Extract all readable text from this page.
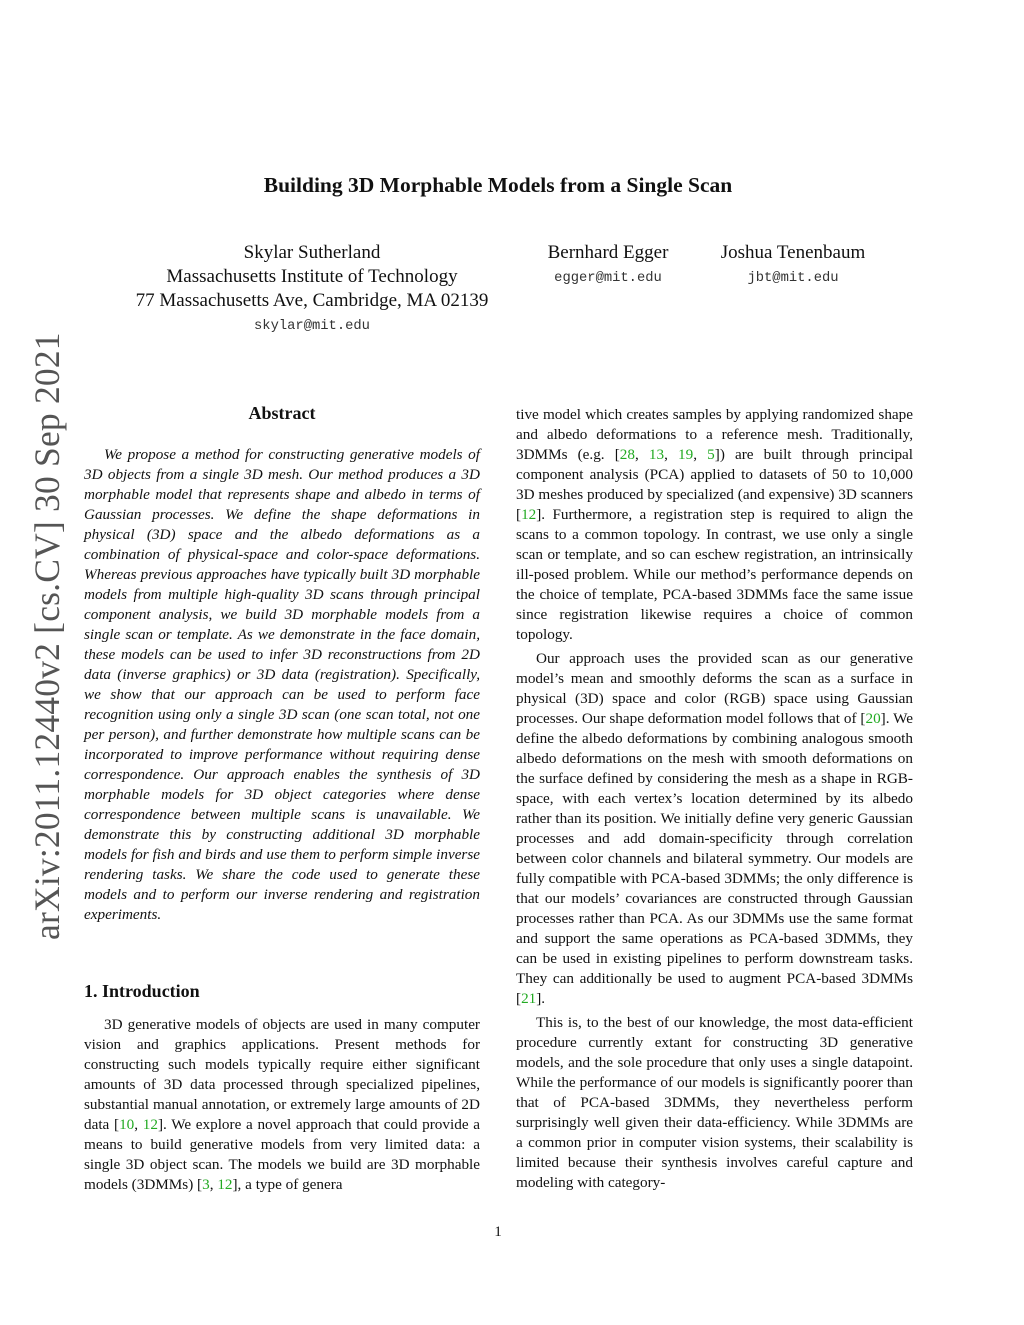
arXiv:2011.12440v2 [cs.CV] 30 Sep 2021
Building 3D Morphable Models from a Single Scan
Skylar Sutherland
Massachusetts Institute of Technology
77 Massachusetts Ave, Cambridge, MA 02139
skylar@mit.edu
Bernhard Egger
egger@mit.edu
Joshua Tenenbaum
jbt@mit.edu
Abstract

We propose a method for constructing generative models of 3D objects from a single 3D mesh. Our method produces a 3D morphable model that represents shape and albedo in terms of Gaussian processes. We define the shape deformations in physical (3D) space and the albedo deformations as a combination of physical-space and color-space deformations. Whereas previous approaches have typically built 3D morphable models from multiple high-quality 3D scans through principal component analysis, we build 3D morphable models from a single scan or template. As we demonstrate in the face domain, these models can be used to infer 3D reconstructions from 2D data (inverse graphics) or 3D data (registration). Specifically, we show that our approach can be used to perform face recognition using only a single 3D scan (one scan total, not one per person), and further demonstrate how multiple scans can be incorporated to improve performance without requiring dense correspondence. Our approach enables the synthesis of 3D morphable models for 3D object categories where dense correspondence between multiple scans is unavailable. We demonstrate this by constructing additional 3D morphable models for fish and birds and use them to perform simple inverse rendering tasks. We share the code used to generate these models and to perform our inverse rendering and registration experiments.

1. Introduction

3D generative models of objects are used in many computer vision and graphics applications. Present methods for constructing such models typically require either significant amounts of 3D data processed through specialized pipelines, substantial manual annotation, or extremely large amounts of 2D data [10, 12]. We explore a novel approach that could provide a means to build generative models from very limited data: a single 3D object scan. The models we build are 3D morphable models (3DMMs) [3, 12], a type of genera

tive model which creates samples by applying randomized shape and albedo deformations to a reference mesh. Traditionally, 3DMMs (e.g. [28, 13, 19, 5]) are built through principal component analysis (PCA) applied to datasets of 50 to 10,000 3D meshes produced by specialized (and expensive) 3D scanners [12]. Furthermore, a registration step is required to align the scans to a common topology. In contrast, we use only a single scan or template, and so can eschew registration, an intrinsically ill-posed problem. While our method’s performance depends on the choice of template, PCA-based 3DMMs face the same issue since registration likewise requires a choice of common topology.

Our approach uses the provided scan as our generative model’s mean and smoothly deforms the scan as a surface in physical (3D) space and color (RGB) space using Gaussian processes. Our shape deformation model follows that of [20]. We define the albedo deformations by combining analogous smooth albedo deformations on the mesh with smooth deformations on the surface defined by considering the mesh as a shape in RGB-space, with each vertex’s location determined by its albedo rather than its position. We initially define very generic Gaussian processes and add domain-specificity through correlation between color channels and bilateral symmetry. Our models are fully compatible with PCA-based 3DMMs; the only difference is that our models’ covariances are constructed through Gaussian processes rather than PCA. As our 3DMMs use the same format and support the same operations as PCA-based 3DMMs, they can be used in existing pipelines to perform downstream tasks. They can additionally be used to augment PCA-based 3DMMs [21].

This is, to the best of our knowledge, the most data-efficient procedure currently extant for constructing 3D generative models, and the sole procedure that only uses a single datapoint. While the performance of our models is significantly poorer than that of PCA-based 3DMMs, they nevertheless perform surprisingly well given their data-efficiency. While 3DMMs are a common prior in computer vision systems, their scalability is limited because their synthesis involves careful capture and modeling with category-

1
